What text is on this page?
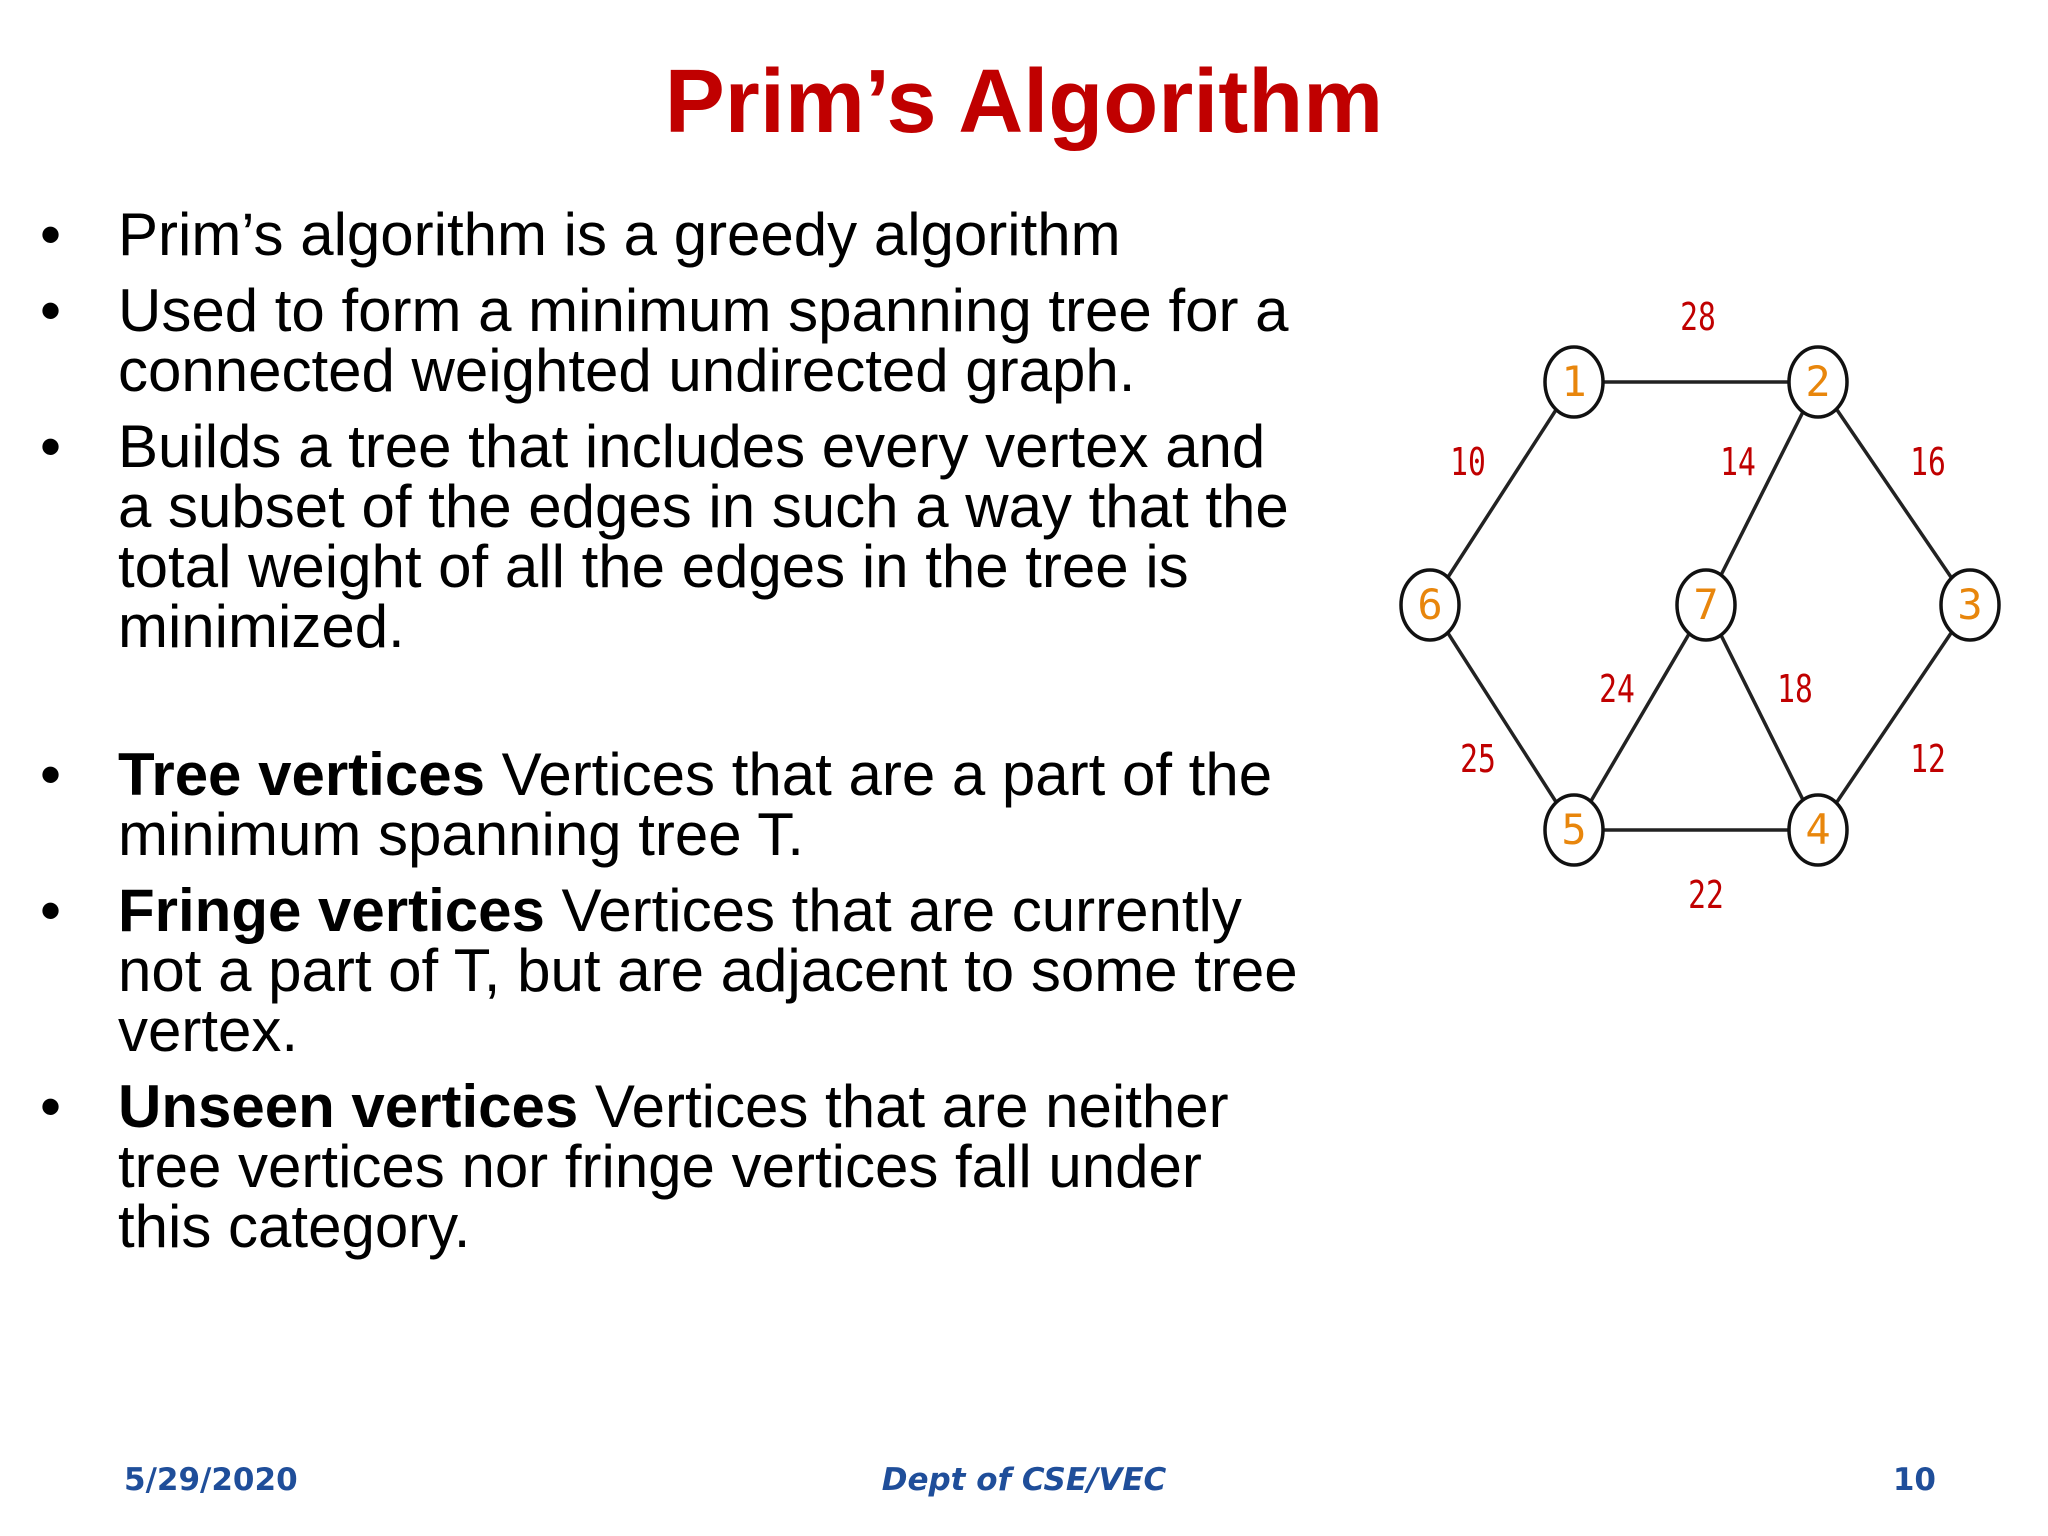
Prim’s Algorithm
• Prim’s algorithm is a greedy algorithm
• Used to form a minimum spanning tree for a connected weighted undirected graph.
• Builds a tree that includes every vertex and a subset of the edges in such a way that the total weight of all the edges in the tree is minimized.
• Tree vertices Vertices that are a part of the minimum spanning tree T.
• Fringe vertices Vertices that are currently not a part of T, but are adjacent to some tree vertex.
• Unseen vertices Vertices that are neither tree vertices nor fringe vertices fall under this category.
28
10	14	16
25
24	18
12
22
1	2
3
4
5
6	7
5/29/2020	Dept of CSE/VEC	10
